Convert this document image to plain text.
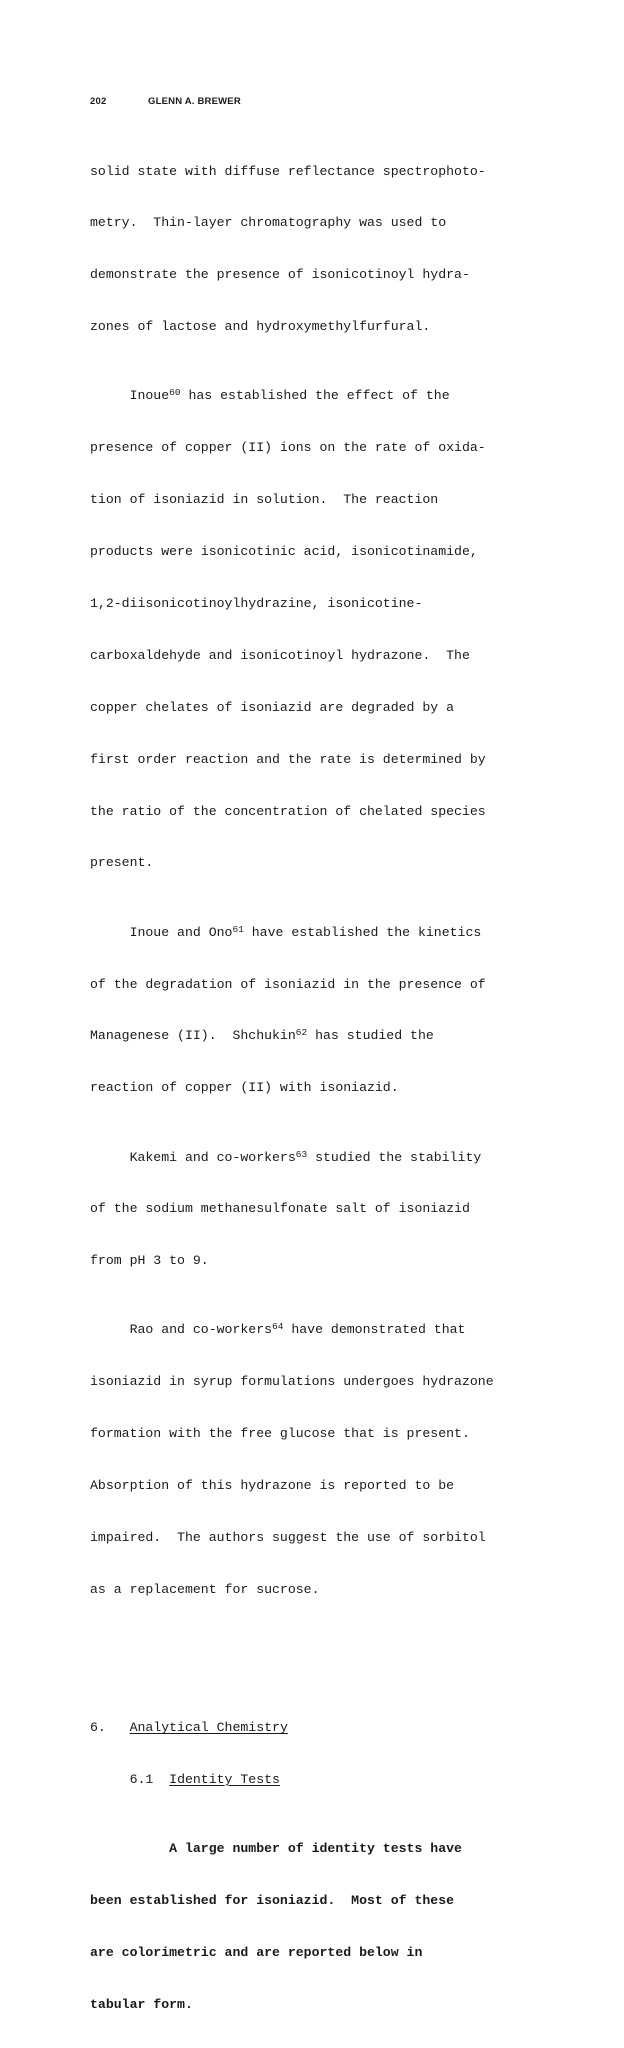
202	GLENN A. BREWER

solid state with diffuse reflectance spectrophoto-

metry.  Thin-layer chromatography was used to

demonstrate the presence of isonicotinoyl hydra-

zones of lactose and hydroxymethylfurfural.

Inoue$^{60}$ has established the effect of the

presence of copper (II) ions on the rate of oxida-

tion of isoniazid in solution.  The reaction

products were isonicotinic acid, isonicotinamide,

1,2-diisonicotinoylhydrazine, isonicotine-

carboxaldehyde and isonicotinoyl hydrazone.  The

copper chelates of isoniazid are degraded by a

first order reaction and the rate is determined by

the ratio of the concentration of chelated species

present.

Inoue and Ono$^{61}$ have established the kinetics

of the degradation of isoniazid in the presence of

Managenese (II).  Shchukin$^{62}$ has studied the

reaction of copper (II) with isoniazid.

Kakemi and co-workers$^{63}$ studied the stability

of the sodium methanesulfonate salt of isoniazid

from pH 3 to 9.

Rao and co-workers$^{64}$ have demonstrated that

isoniazid in syrup formulations undergoes hydrazone

formation with the free glucose that is present.

Absorption of this hydrazone is reported to be

impaired.  The authors suggest the use of sorbitol

as a replacement for sucrose.

6.   Analytical Chemistry

6.1  Identity Tests

A large number of identity tests have

been established for isoniazid.  Most of these

are colorimetric and are reported below in

tabular form.
